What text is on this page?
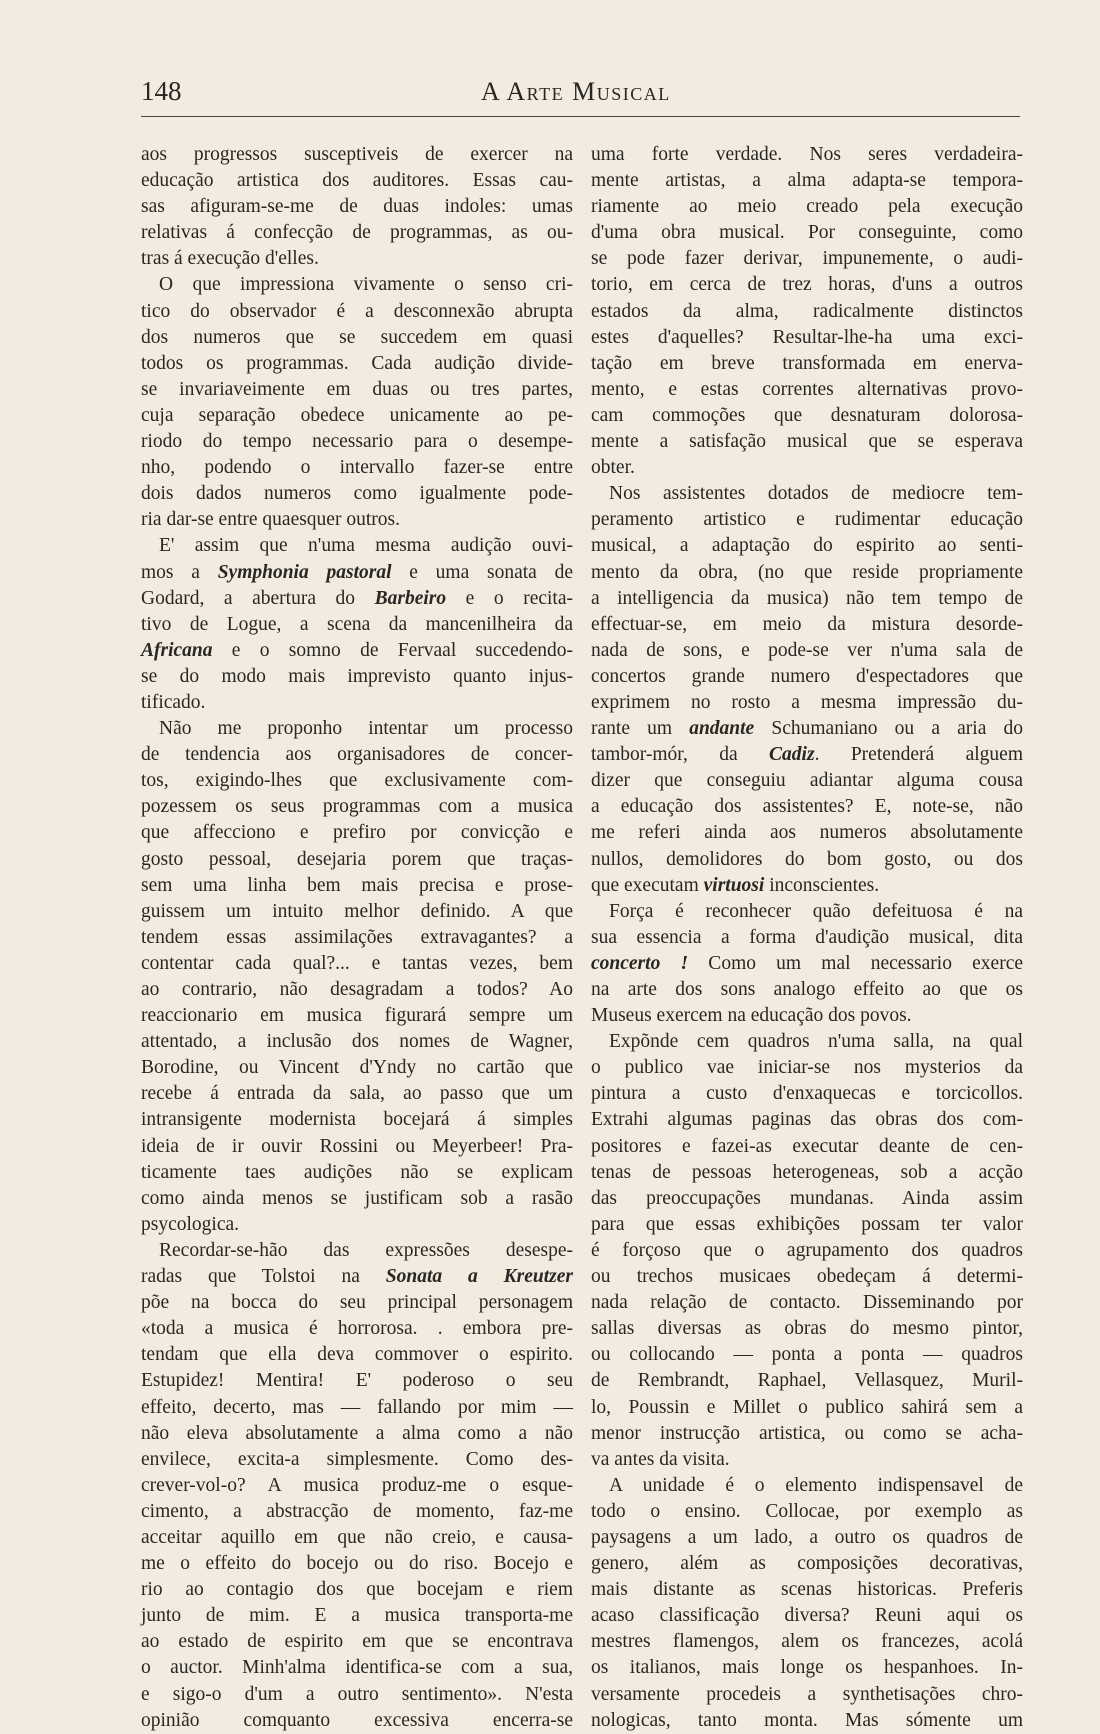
148	A Arte Musical
aos progressos susceptiveis de exercer na
educação artistica dos auditores. Essas cau-
sas afiguram-se-me de duas indoles: umas
relativas á confecção de programmas, as ou-
tras á execução d'elles.
O que impressiona vivamente o senso cri-
tico do observador é a desconnexão abrupta
dos numeros que se succedem em quasi
todos os programmas. Cada audição divide-
se invariaveimente em duas ou tres partes,
cuja separação obedece unicamente ao pe-
riodo do tempo necessario para o desempe-
nho, podendo o intervallo fazer-se entre
dois dados numeros como igualmente pode-
ria dar-se entre quaesquer outros.
E' assim que n'uma mesma audição ouvi-
mos a Symphonia pastoral e uma sonata de
Godard, a abertura do Barbeiro e o recita-
tivo de Logue, a scena da mancenilheira da
Africana e o somno de Fervaal succedendo-
se do modo mais imprevisto quanto injus-
tificado.
Não me proponho intentar um processo
de tendencia aos organisadores de concer-
tos, exigindo-lhes que exclusivamente com-
pozessem os seus programmas com a musica
que affecciono e prefiro por convicção e
gosto pessoal, desejaria porem que traças-
sem uma linha bem mais precisa e prose-
guissem um intuito melhor definido. A que
tendem essas assimilações extravagantes? a
contentar cada qual?... e tantas vezes, bem
ao contrario, não desagradam a todos? Ao
reaccionario em musica figurará sempre um
attentado, a inclusão dos nomes de Wagner,
Borodine, ou Vincent d'Yndy no cartão que
recebe á entrada da sala, ao passo que um
intransigente modernista bocejará á simples
ideia de ir ouvir Rossini ou Meyerbeer! Pra-
ticamente taes audições não se explicam
como ainda menos se justificam sob a rasão
psycologica.
Recordar-se-hão das expressões desespe-
radas que Tolstoi na Sonata a Kreutzer
põe na bocca do seu principal personagem
«toda a musica é horrorosa. . embora pre-
tendam que ella deva commover o espirito.
Estupidez! Mentira! E' poderoso o seu
effeito, decerto, mas — fallando por mim —
não eleva absolutamente a alma como a não
envilece, excita-a simplesmente. Como des-
crever-vol-o? A musica produz-me o esque-
cimento, a abstracção de momento, faz-me
acceitar aquillo em que não creio, e causa-
me o effeito do bocejo ou do riso. Bocejo e
rio ao contagio dos que bocejam e riem
junto de mim. E a musica transporta-me
ao estado de espirito em que se encontrava
o auctor. Minh'alma identifica-se com a sua,
e sigo-o d'um a outro sentimento». N'esta
opinião comquanto excessiva encerra-se
uma forte verdade. Nos seres verdadeira-
mente artistas, a alma adapta-se tempora-
riamente ao meio creado pela execução
d'uma obra musical. Por conseguinte, como
se pode fazer derivar, impunemente, o audi-
torio, em cerca de trez horas, d'uns a outros
estados da alma, radicalmente distinctos
estes d'aquelles? Resultar-lhe-ha uma exci-
tação em breve transformada em enerva-
mento, e estas correntes alternativas provo-
cam commoções que desnaturam dolorosa-
mente a satisfação musical que se esperava
obter.
Nos assistentes dotados de mediocre tem-
peramento artistico e rudimentar educação
musical, a adaptação do espirito ao senti-
mento da obra, (no que reside propriamente
a intelligencia da musica) não tem tempo de
effectuar-se, em meio da mistura desorde-
nada de sons, e pode-se ver n'uma sala de
concertos grande numero d'espectadores que
exprimem no rosto a mesma impressão du-
rante um andante Schumaniano ou a aria do
tambor-mór, da Cadiz. Pretenderá alguem
dizer que conseguiu adiantar alguma cousa
a educação dos assistentes? E, note-se, não
me referi ainda aos numeros absolutamente
nullos, demolidores do bom gosto, ou dos
que executam virtuosi inconscientes.
Força é reconhecer quão defeituosa é na
sua essencia a forma d'audição musical, dita
concerto ! Como um mal necessario exerce
na arte dos sons analogo effeito ao que os
Museus exercem na educação dos povos.
Expõnde cem quadros n'uma salla, na qual
o publico vae iniciar-se nos mysterios da
pintura a custo d'enxaquecas e torcicollos.
Extrahi algumas paginas das obras dos com-
positores e fazei-as executar deante de cen-
tenas de pessoas heterogeneas, sob a acção
das preoccupações mundanas. Ainda assim
para que essas exhibições possam ter valor
é forçoso que o agrupamento dos quadros
ou trechos musicaes obedeçam á determi-
nada relação de contacto. Disseminando por
sallas diversas as obras do mesmo pintor,
ou collocando — ponta a ponta — quadros
de Rembrandt, Raphael, Vellasquez, Muril-
lo, Poussin e Millet o publico sahirá sem a
menor instrucção artistica, ou como se acha-
va antes da visita.
A unidade é o elemento indispensavel de
todo o ensino. Collocae, por exemplo as
paysagens a um lado, a outro os quadros de
genero, além as composições decorativas,
mais distante as scenas historicas. Preferis
acaso classificação diversa? Reuni aqui os
mestres flamengos, alem os francezes, acolá
os italianos, mais longe os hespanhoes. In-
versamente procedeis a synthetisações chro-
nologicas, tanto monta. Mas sómente um
